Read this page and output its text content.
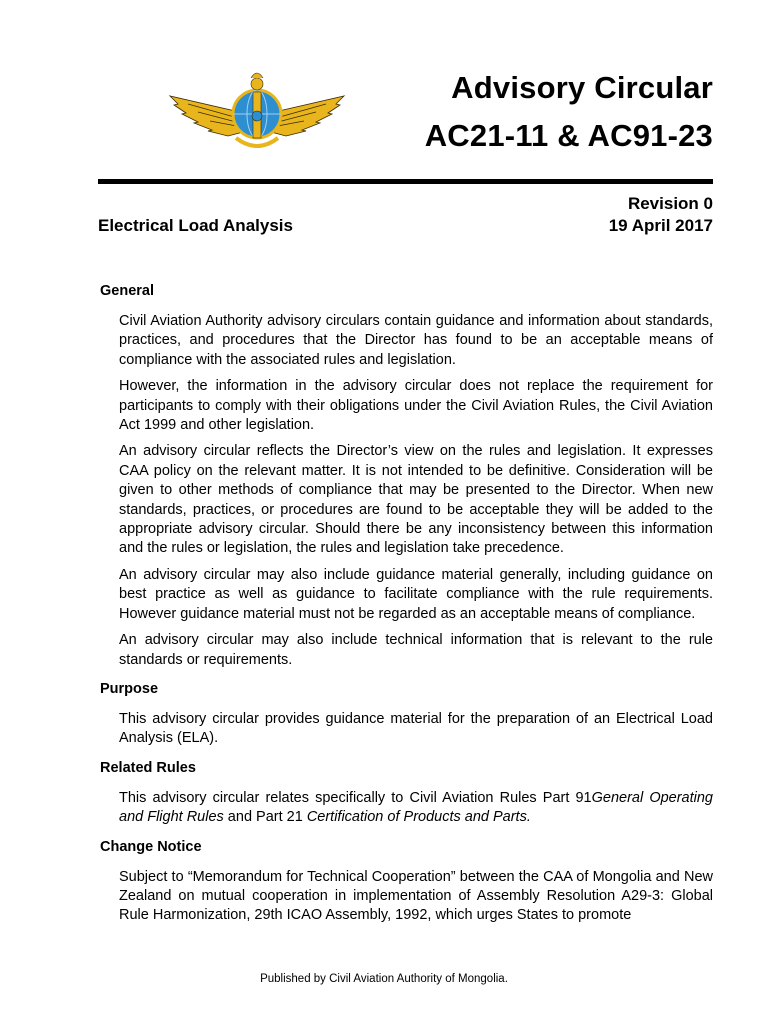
Advisory Circular
AC21-11 & AC91-23
Revision 0
Electrical Load Analysis	19 April 2017
General

Civil Aviation Authority advisory circulars contain guidance and information about standards, practices, and procedures that the Director has found to be an acceptable means of compliance with the associated rules and legislation.

However, the information in the advisory circular does not replace the requirement for participants to comply with their obligations under the Civil Aviation Rules, the Civil Aviation Act 1999 and other legislation.

An advisory circular reflects the Director’s view on the rules and legislation. It expresses CAA policy on the relevant matter. It is not intended to be definitive. Consideration will be given to other methods of compliance that may be presented to the Director. When new standards, practices, or procedures are found to be acceptable they will be added to the appropriate advisory circular. Should there be any inconsistency between this information and the rules or legislation, the rules and legislation take precedence.

An advisory circular may also include guidance material generally, including guidance on best practice as well as guidance to facilitate compliance with the rule requirements. However guidance material must not be regarded as an acceptable means of compliance.

An advisory circular may also include technical information that is relevant to the rule standards or requirements.

Purpose

This advisory circular provides guidance material for the preparation of an Electrical Load Analysis (ELA).

Related Rules

This advisory circular relates specifically to Civil Aviation Rules Part 91General Operating and Flight Rules and Part 21 Certification of Products and Parts.

Change Notice

Subject to “Memorandum for Technical Cooperation” between the CAA of Mongolia and New Zealand on mutual cooperation in implementation of Assembly Resolution A29-3: Global Rule Harmonization, 29th ICAO Assembly, 1992, which urges States to promote

Published by Civil Aviation Authority of Mongolia.
